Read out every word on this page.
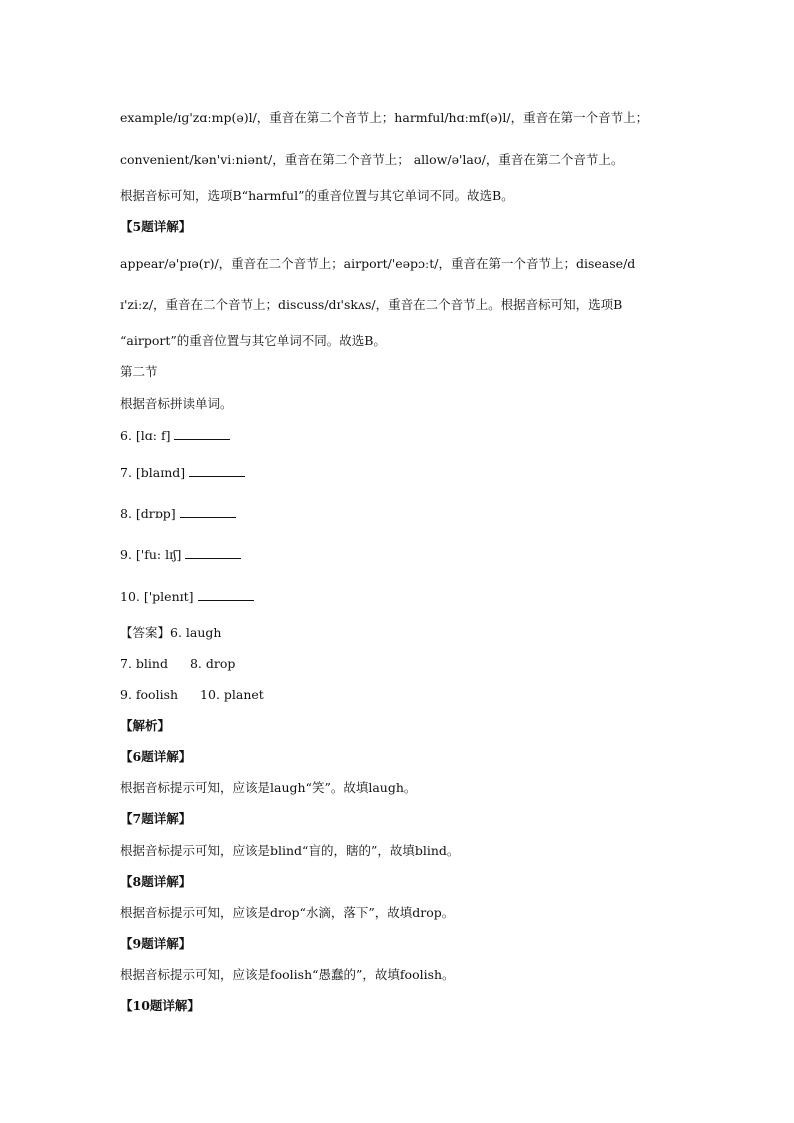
example/ɪɡ'zɑːmp(ə)l/，重音在第二个音节上；harmful/hɑːmf(ə)l/，重音在第一个音节上；
convenient/kən'viːniənt/，重音在第二个音节上； allow/ə'laʊ/，重音在第二个音节上。
根据音标可知，选项B“harmful”的重音位置与其它单词不同。故选B。
【5题详解】
appear/ə'pɪə(r)/，重音在二个音节上；airport/'eəpɔːt/，重音在第一个音节上；disease/d
ɪ'ziːz/，重音在二个音节上；discuss/dɪ'skʌs/，重音在二个音节上。根据音标可知，选项B
“airport”的重音位置与其它单词不同。故选B。
第二节
根据音标拼读单词。
6. [lɑ: f]
7. [blaɪnd]
8. [drɒp]
9. ['fu: lɪʃ]
10. ['plenɪt]
【答案】6. laugh
7. blind 8. drop
9. foolish 10. planet
【解析】
【6题详解】
根据音标提示可知，应该是laugh“笑”。故填laugh。
【7题详解】
根据音标提示可知，应该是blind“盲的，瞎的”，故填blind。
【8题详解】
根据音标提示可知，应该是drop“水滴，落下”，故填drop。
【9题详解】
根据音标提示可知，应该是foolish“愚蠢的”，故填foolish。
【10题详解】
